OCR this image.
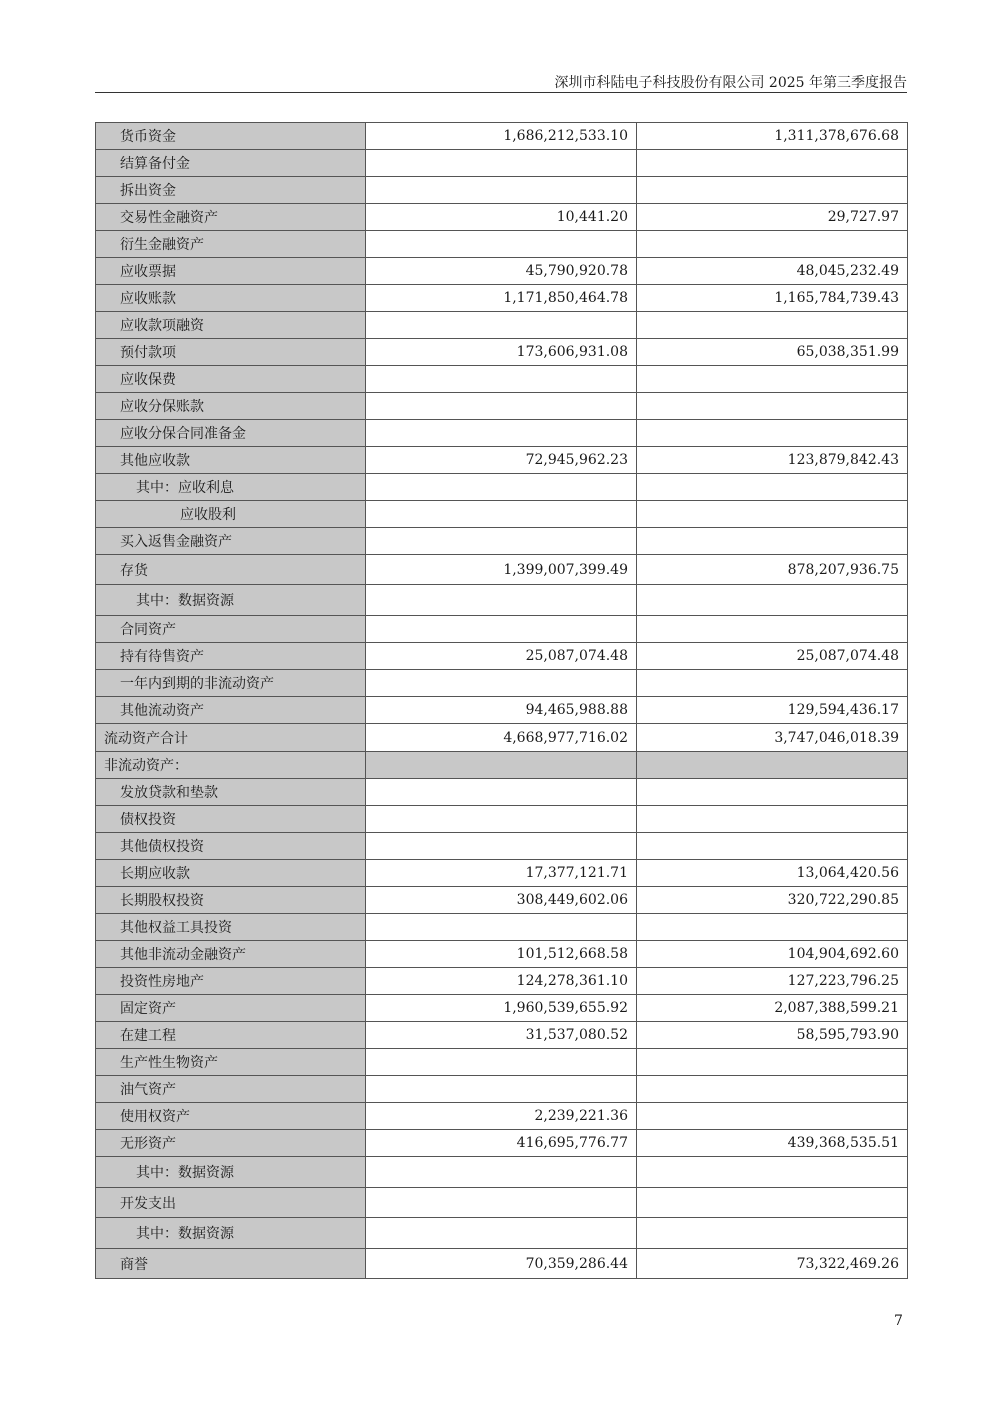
深圳市科陆电子科技股份有限公司 2025 年第三季度报告
货币资金	1,686,212,533.10	1,311,378,676.68
结算备付金		
拆出资金		
交易性金融资产	10,441.20	29,727.97
衍生金融资产		
应收票据	45,790,920.78	48,045,232.49
应收账款	1,171,850,464.78	1,165,784,739.43
应收款项融资		
预付款项	173,606,931.08	65,038,351.99
应收保费		
应收分保账款		
应收分保合同准备金		
其他应收款	72,945,962.23	123,879,842.43
其中：应收利息		
应收股利		
买入返售金融资产		
存货	1,399,007,399.49	878,207,936.75
其中：数据资源		
合同资产		
持有待售资产	25,087,074.48	25,087,074.48
一年内到期的非流动资产		
其他流动资产	94,465,988.88	129,594,436.17
流动资产合计	4,668,977,716.02	3,747,046,018.39
非流动资产：		
发放贷款和垫款		
债权投资		
其他债权投资		
长期应收款	17,377,121.71	13,064,420.56
长期股权投资	308,449,602.06	320,722,290.85
其他权益工具投资		
其他非流动金融资产	101,512,668.58	104,904,692.60
投资性房地产	124,278,361.10	127,223,796.25
固定资产	1,960,539,655.92	2,087,388,599.21
在建工程	31,537,080.52	58,595,793.90
生产性生物资产		
油气资产		
使用权资产	2,239,221.36	
无形资产	416,695,776.77	439,368,535.51
其中：数据资源		
开发支出		
其中：数据资源		
商誉	70,359,286.44	73,322,469.26
7
